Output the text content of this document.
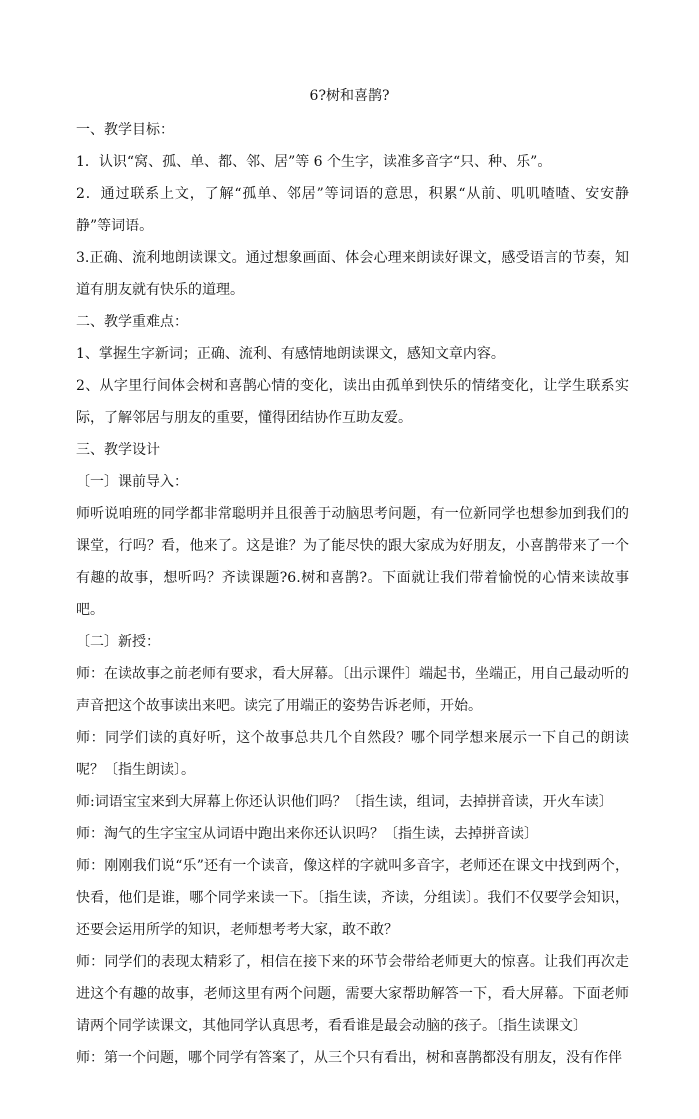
6?树和喜鹊?

一、教学目标：

1．认识“窝、孤、单、都、邻、居”等 6 个生字，读准多音字“只、种、乐”。

2．通过联系上文，了解“孤单、邻居”等词语的意思，积累“从前、叽叽喳喳、安安静静”等词语。

3.正确、流利地朗读课文。通过想象画面、体会心理来朗读好课文，感受语言的节奏，知道有朋友就有快乐的道理。

二、教学重难点：

1、掌握生字新词；正确、流利、有感情地朗读课文，感知文章内容。

2、从字里行间体会树和喜鹊心情的变化，读出由孤单到快乐的情绪变化，让学生联系实际，了解邻居与朋友的重要，懂得团结协作互助友爱。

三、教学设计

〔一〕课前导入：

师听说咱班的同学都非常聪明并且很善于动脑思考问题，有一位新同学也想参加到我们的课堂，行吗？看，他来了。这是谁？为了能尽快的跟大家成为好朋友，小喜鹊带来了一个有趣的故事，想听吗？齐读课题?6.树和喜鹊?。下面就让我们带着愉悦的心情来读故事吧。

〔二〕新授：

师：在读故事之前老师有要求，看大屏幕。〔出示课件〕端起书，坐端正，用自己最动听的声音把这个故事读出来吧。读完了用端正的姿势告诉老师，开始。

师：同学们读的真好听，这个故事总共几个自然段？哪个同学想来展示一下自己的朗读呢？〔指生朗读〕。

师:词语宝宝来到大屏幕上你还认识他们吗？〔指生读，组词，去掉拼音读，开火车读〕

师：淘气的生字宝宝从词语中跑出来你还认识吗？〔指生读，去掉拼音读〕

师：刚刚我们说“乐”还有一个读音，像这样的字就叫多音字，老师还在课文中找到两个，快看，他们是谁，哪个同学来读一下。〔指生读，齐读，分组读〕。我们不仅要学会知识，还要会运用所学的知识，老师想考考大家，敢不敢？

师：同学们的表现太精彩了，相信在接下来的环节会带给老师更大的惊喜。让我们再次走进这个有趣的故事，老师这里有两个问题，需要大家帮助解答一下，看大屏幕。下面老师请两个同学读课文，其他同学认真思考，看看谁是最会动脑的孩子。〔指生读课文〕

师：第一个问题，哪个同学有答案了，从三个只有看出，树和喜鹊都没有朋友，没有作伴
